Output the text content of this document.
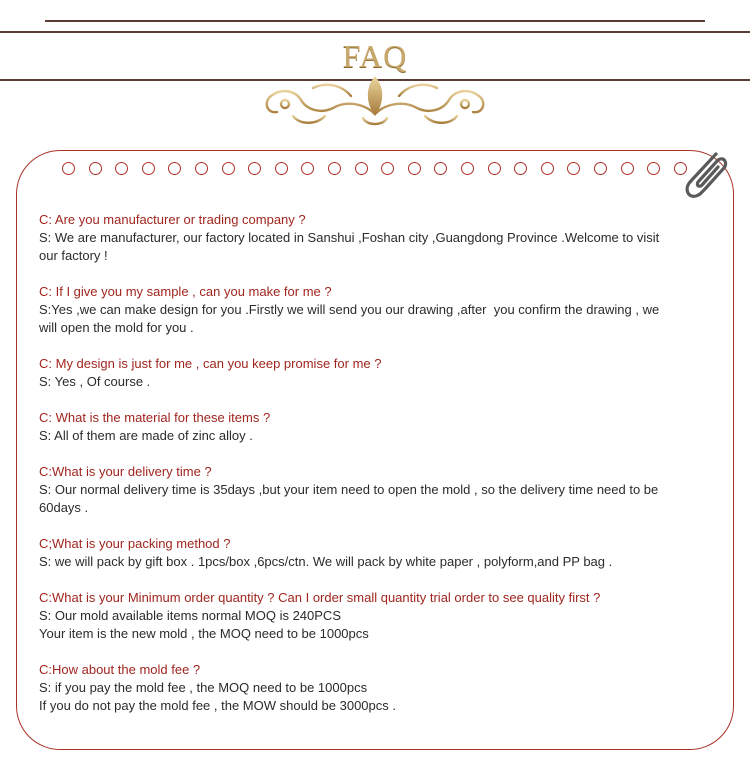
FAQ
C: Are you manufacturer or trading company ?
S: We are manufacturer, our factory located in Sanshui ,Foshan city ,Guangdong Province .Welcome to visit
our factory !
C: If I give you my sample , can you make for me ?
S:Yes ,we can make design for you .Firstly we will send you our drawing ,after  you confirm the drawing , we
will open the mold for you .
C: My design is just for me , can you keep promise for me ?
S: Yes , Of course .
C: What is the material for these items ?
S: All of them are made of zinc alloy .
C:What is your delivery time ?
S: Our normal delivery time is 35days ,but your item need to open the mold , so the delivery time need to be
60days .
C;What is your packing method ?
S: we will pack by gift box . 1pcs/box ,6pcs/ctn. We will pack by white paper , polyform,and PP bag .
C:What is your Minimum order quantity ? Can I order small quantity trial order to see quality first ?
S: Our mold available items normal MOQ is 240PCS
Your item is the new mold , the MOQ need to be 1000pcs
C:How about the mold fee ?
S: if you pay the mold fee , the MOQ need to be 1000pcs
If you do not pay the mold fee , the MOW should be 3000pcs .
